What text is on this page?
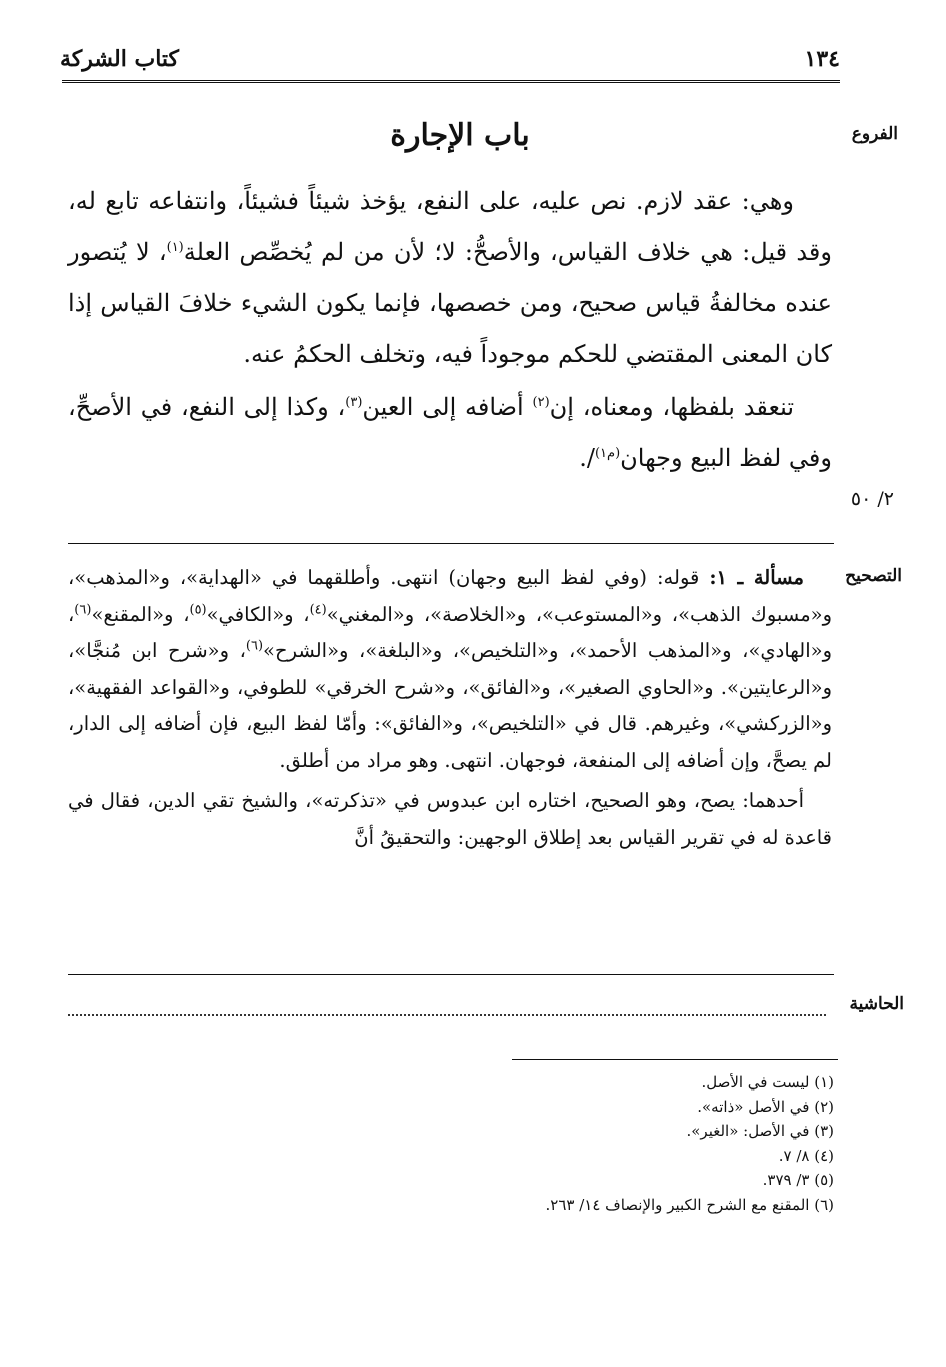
١٣٤
كتاب الشركة
الفروع
التصحيح
الحاشية
٢/ ٥٠
باب الإجارة

وهي: عقد لازم. نص عليه، على النفع، يؤخذ شيئاً فشيئاً، وانتفاعه تابع له، وقد قيل: هي خلاف القياس، والأصحُّ: لا؛ لأن من لم يُخصِّص العلة$^{(١)}$، لا يُتصور عنده مخالفةُ قياس صحيح، ومن خصصها، فإنما يكون الشيء خلافَ القياس إذا كان المعنى المقتضي للحكم موجوداً فيه، وتخلف الحكمُ عنه.

تنعقد بلفظها، ومعناه، إن$^{(٢)}$ أضافه إلى العين$^{(٣)}$، وكذا إلى النفع، في الأصحِّ، وفي لفظ البيع وجهان$^{(م١)}$/.

مسألة ـ ١: قوله: (وفي لفظ البيع وجهان) انتهى. وأطلقهما في «الهداية»، و«المذهب»، و«مسبوك الذهب»، و«المستوعب»، و«الخلاصة»، و«المغني»$^{(٤)}$، و«الكافي»$^{(٥)}$، و«المقنع»$^{(٦)}$، و«الهادي»، و«المذهب الأحمد»، و«التلخيص»، و«البلغة»، و«الشرح»$^{(٦)}$، و«شرح ابن مُنجَّا»، و«الرعايتين». و«الحاوي الصغير»، و«الفائق»، و«شرح الخرقي» للطوفي، و«القواعد الفقهية»، و«الزركشي»، وغيرهم. قال في «التلخيص»، و«الفائق»: وأمّا لفظ البيع، فإن أضافه إلى الدار، لم يصحَّ، وإن أضافه إلى المنفعة، فوجهان. انتهى. وهو مراد من أطلق.

أحدهما: يصح، وهو الصحيح، اختاره ابن عبدوس في «تذكرته»، والشيخ تقي الدين، فقال في قاعدة له في تقرير القياس بعد إطلاق الوجهين: والتحقيقُ أنَّ

(١) ليست في الأصل.

(٢) في الأصل «ذاته».

(٣) في الأصل: «الغير».

(٤) ٨/ ٧.

(٥) ٣/ ٣٧٩.

(٦) المقنع مع الشرح الكبير والإنصاف ١٤/ ٢٦٣.
